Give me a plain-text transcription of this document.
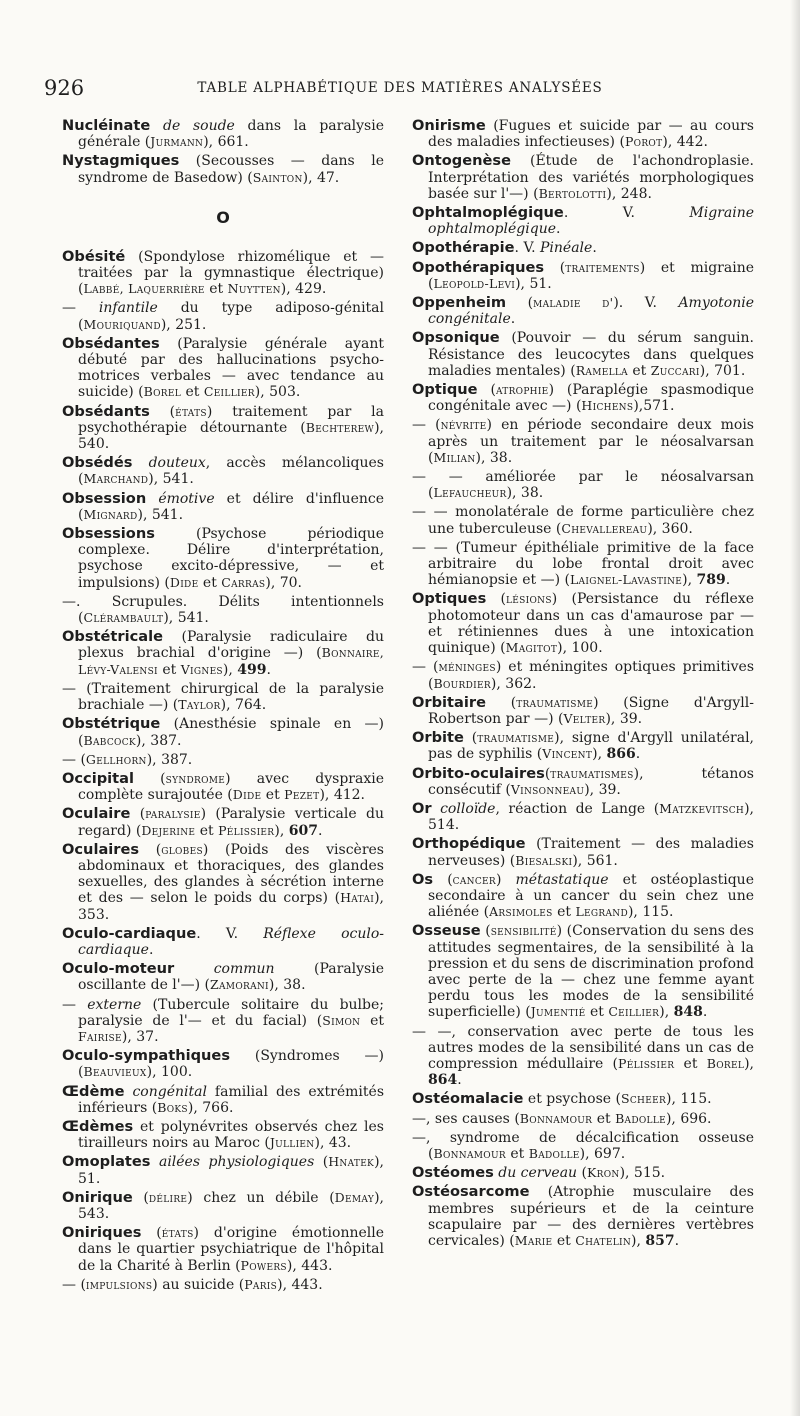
926	TABLE ALPHABÉTIQUE DES MATIÈRES ANALYSÉES

Nucléinate de soude dans la paralysie générale (Jurmann), 661.

Nystagmiques (Secousses — dans le syndrome de Basedow) (Sainton), 47.

O

Obésité (Spondylose rhizomélique et — traitées par la gymnastique électrique) (Labbé, Laquerrière et Nuytten), 429.

— infantile du type adiposo-génital (Mouriquand), 251.

Obsédantes (Paralysie générale ayant débuté par des hallucinations psycho-motrices verbales — avec tendance au suicide) (Borel et Ceillier), 503.

Obsédants (états) traitement par la psychothérapie détournante (Bechterew), 540.

Obsédés douteux, accès mélancoliques (Marchand), 541.

Obsession émotive et délire d'influence (Mignard), 541.

Obsessions (Psychose périodique complexe. Délire d'interprétation, psychose excito-dépressive, — et impulsions) (Dide et Carras), 70.

—. Scrupules. Délits intentionnels (Clérambault), 541.

Obstétricale (Paralysie radiculaire du plexus brachial d'origine —) (Bonnaire, Lévy-Valensi et Vignes), 499.

— (Traitement chirurgical de la paralysie brachiale —) (Taylor), 764.

Obstétrique (Anesthésie spinale en —) (Babcock), 387.

— (Gellhorn), 387.

Occipital (syndrome) avec dyspraxie complète surajoutée (Dide et Pezet), 412.

Oculaire (paralysie) (Paralysie verticale du regard) (Dejerine et Pélissier), 607.

Oculaires (globes) (Poids des viscères abdominaux et thoraciques, des glandes sexuelles, des glandes à sécrétion interne et des — selon le poids du corps) (Hatai), 353.

Oculo-cardiaque. V. Réflexe oculo-cardiaque.

Oculo-moteur	commun (Paralysie oscillante de l'—) (Zamorani), 38.

— externe (Tubercule solitaire du bulbe; paralysie de l'— et du facial) (Simon et Fairise), 37.

Oculo-sympathiques (Syndromes —) (Beauvieux), 100.

Œdème congénital familial des extrémités inférieurs (Boks), 766.

Œdèmes et polynévrites observés chez les tirailleurs noirs au Maroc (Jullien), 43.

Omoplates ailées physiologiques (Hnatek), 51.

Onirique (délire) chez un débile (Demay), 543.

Oniriques (états) d'origine émotionnelle dans le quartier psychiatrique de l'hôpital de la Charité à Berlin (Powers), 443.

— (impulsions) au suicide (Paris), 443.

Onirisme (Fugues et suicide par — au cours des maladies infectieuses) (Porot), 442.

Ontogenèse (Étude de l'achondroplasie. Interprétation des variétés morphologiques basée sur l'—) (Bertolotti), 248.

Ophtalmoplégique. V. Migraine ophtalmoplégique.

Opothérapie. V. Pinéale.

Opothérapiques (traitements) et migraine (Leopold-Levi), 51.

Oppenheim (maladie d'). V. Amyotonie congénitale.

Opsonique (Pouvoir — du sérum sanguin. Résistance des leucocytes dans quelques maladies mentales) (Ramella et Zuccari), 701.

Optique (atrophie) (Paraplégie spasmodique congénitale avec —) (Hichens),571.

— (névrite) en période secondaire deux mois après un traitement par le néosalvarsan (Milian), 38.

— — améliorée par le néosalvarsan (Lefaucheur), 38.

— — monolatérale de forme particulière chez une tuberculeuse (Chevallereau), 360.

— — (Tumeur épithéliale primitive de la face arbitraire du lobe frontal droit avec hémianopsie et —) (Laignel-Lavastine), 789.

Optiques (lésions) (Persistance du réflexe photomoteur dans un cas d'amaurose par — et rétiniennes dues à une intoxication quinique) (Magitot), 100.

— (méninges) et méningites optiques primitives (Bourdier), 362.

Orbitaire (traumatisme) (Signe d'Argyll-Robertson par —) (Velter), 39.

Orbite (traumatisme), signe d'Argyll unilatéral, pas de syphilis (Vincent), 866.

Orbito-oculaires(traumatismes), tétanos consécutif (Vinsonneau), 39.

Or colloïde, réaction de Lange (Matzkevitsch), 514.

Orthopédique (Traitement — des maladies nerveuses) (Biesalski), 561.

Os (cancer) métastatique et ostéoplastique secondaire à un cancer du sein chez une aliénée (Arsimoles et Legrand), 115.

Osseuse (sensibilité) (Conservation du sens des attitudes segmentaires, de la sensibilité à la pression et du sens de discrimination profond avec perte de la — chez une femme ayant perdu tous les modes de la sensibilité superficielle) (Jumentié et Ceillier), 848.

— —, conservation avec perte de tous les autres modes de la sensibilité dans un cas de compression médullaire (Pélissier et Borel), 864.

Ostéomalacie et psychose (Scheer), 115.

—, ses causes (Bonnamour et Badolle), 696.

—, syndrome de décalcification osseuse (Bonnamour et Badolle), 697.

Ostéomes du cerveau (Kron), 515.

Ostéosarcome (Atrophie musculaire des membres supérieurs et de la ceinture scapulaire par — des dernières vertèbres cervicales) (Marie et Chatelin), 857.
